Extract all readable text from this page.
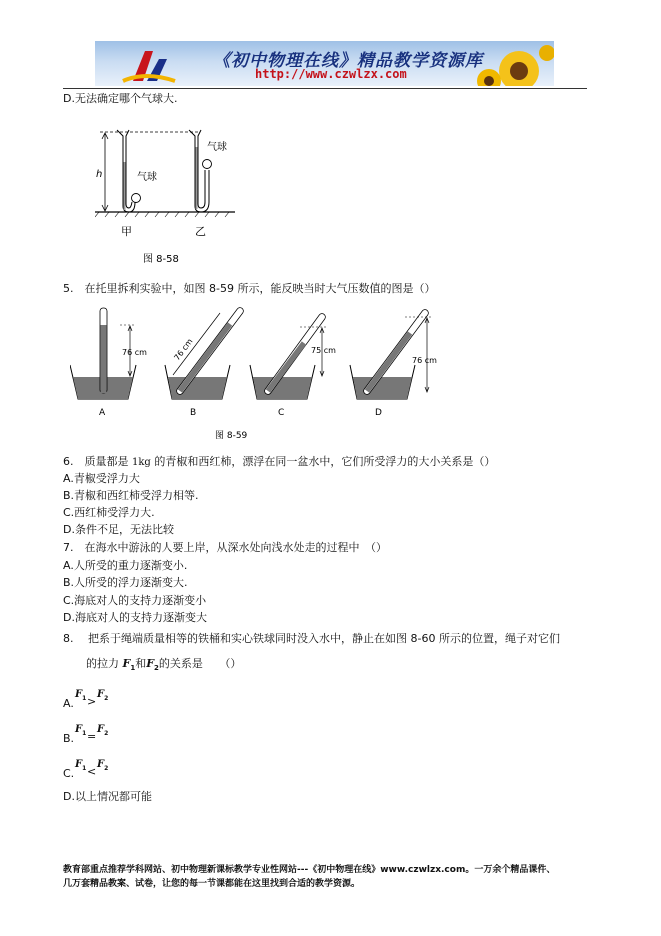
《初中物理在线》精品教学资源库
http://www.czwlzx.com
D.无法确定哪个气球大.
h	气球
气球
甲	乙
图 8-58
5.　在托里拆利实验中，如图 8-59 所示，能反映当时大气压数值的图是（）
76 cm
A
76 cm
B
75 cm
C
76 cm
D
图 8-59
6.　质量都是 1kg 的青椒和西红柿，漂浮在同一盆水中，它们所受浮力的大小关系是（）
A.青椒受浮力大
B.青椒和西红柿受浮力相等.
C.西红柿受浮力大.
D.条件不足，无法比较
7.　在海水中游泳的人要上岸，从深水处向浅水处走的过程中　（）
A.人所受的重力逐渐变小.
B.人所受的浮力逐渐变大.
C.海底对人的支持力逐渐变小
D.海底对人的支持力逐渐变大
8.　 把系于绳端质量相等的铁桶和实心铁球同时没入水中，静止在如图 8-60 所示的位置，绳子对它们
的拉力 $F_1$和$F_2$的关系是　　（）
A.
$F_1$ >
$F_2$
B.
$F_1$ =
$F_2$
C.
$F_1$ <
$F_2$
D.以上情况都可能
教育部重点推荐学科网站、初中物理新课标教学专业性网站---《初中物理在线》www.czwlzx.com。一万余个精品课件、
几万套精品教案、试卷，让您的每一节课都能在这里找到合适的教学资源。
